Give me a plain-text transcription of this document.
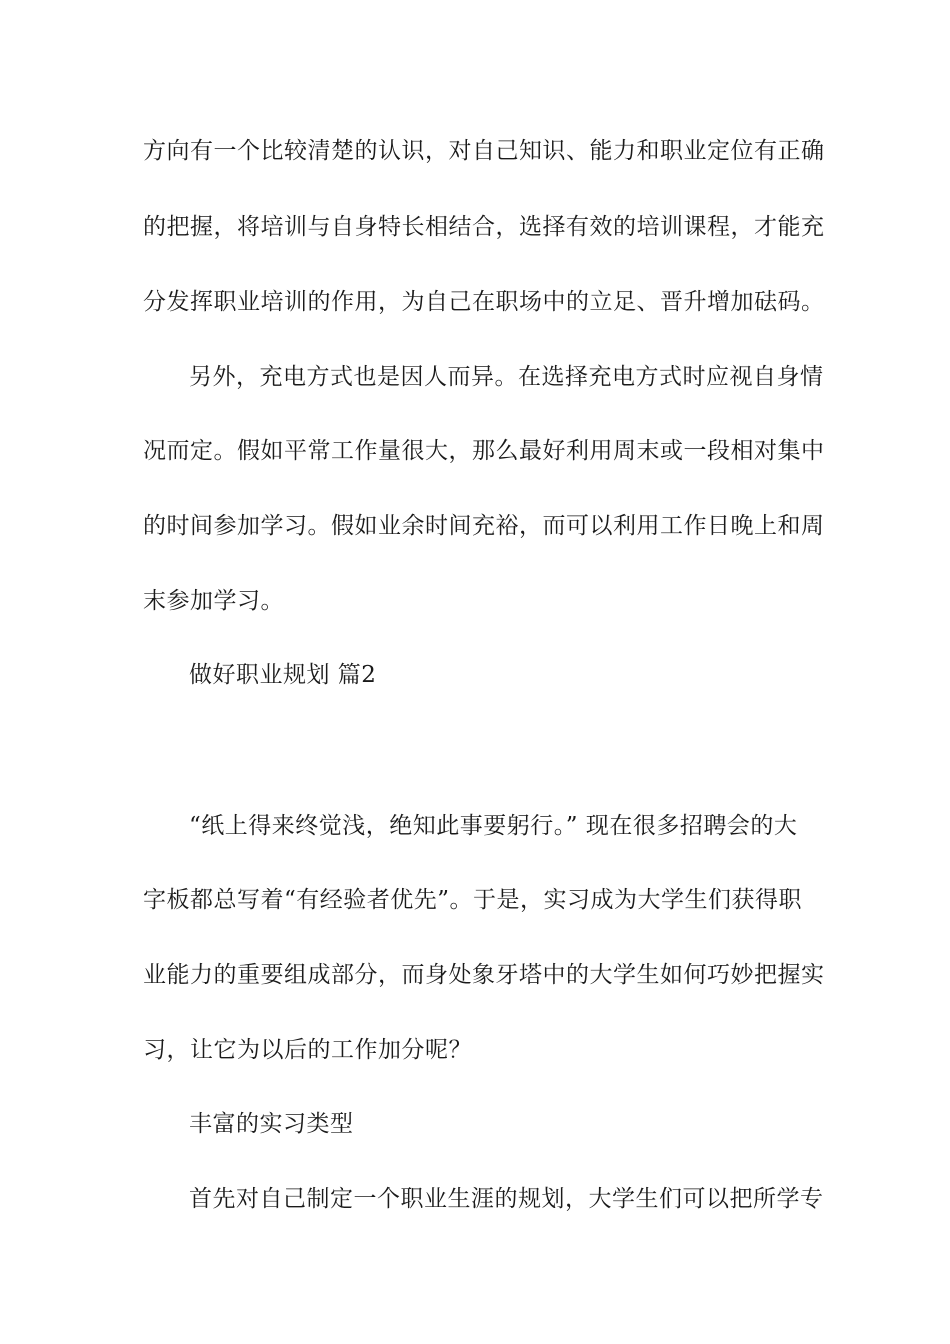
方向有一个比较清楚的认识，对自己知识、能力和职业定位有正确
的把握，将培训与自身特长相结合，选择有效的培训课程，才能充
分发挥职业培训的作用，为自己在职场中的立足、晋升增加砝码。
另外，充电方式也是因人而异。在选择充电方式时应视自身情
况而定。假如平常工作量很大，那么最好利用周末或一段相对集中
的时间参加学习。假如业余时间充裕，而可以利用工作日晚上和周
末参加学习。
做好职业规划 篇2
“纸上得来终觉浅，绝知此事要躬行。” 现在很多招聘会的大
字板都总写着“有经验者优先”。于是，实习成为大学生们获得职
业能力的重要组成部分，而身处象牙塔中的大学生如何巧妙把握实
习，让它为以后的工作加分呢？
丰富的实习类型
首先对自己制定一个职业生涯的规划，大学生们可以把所学专
